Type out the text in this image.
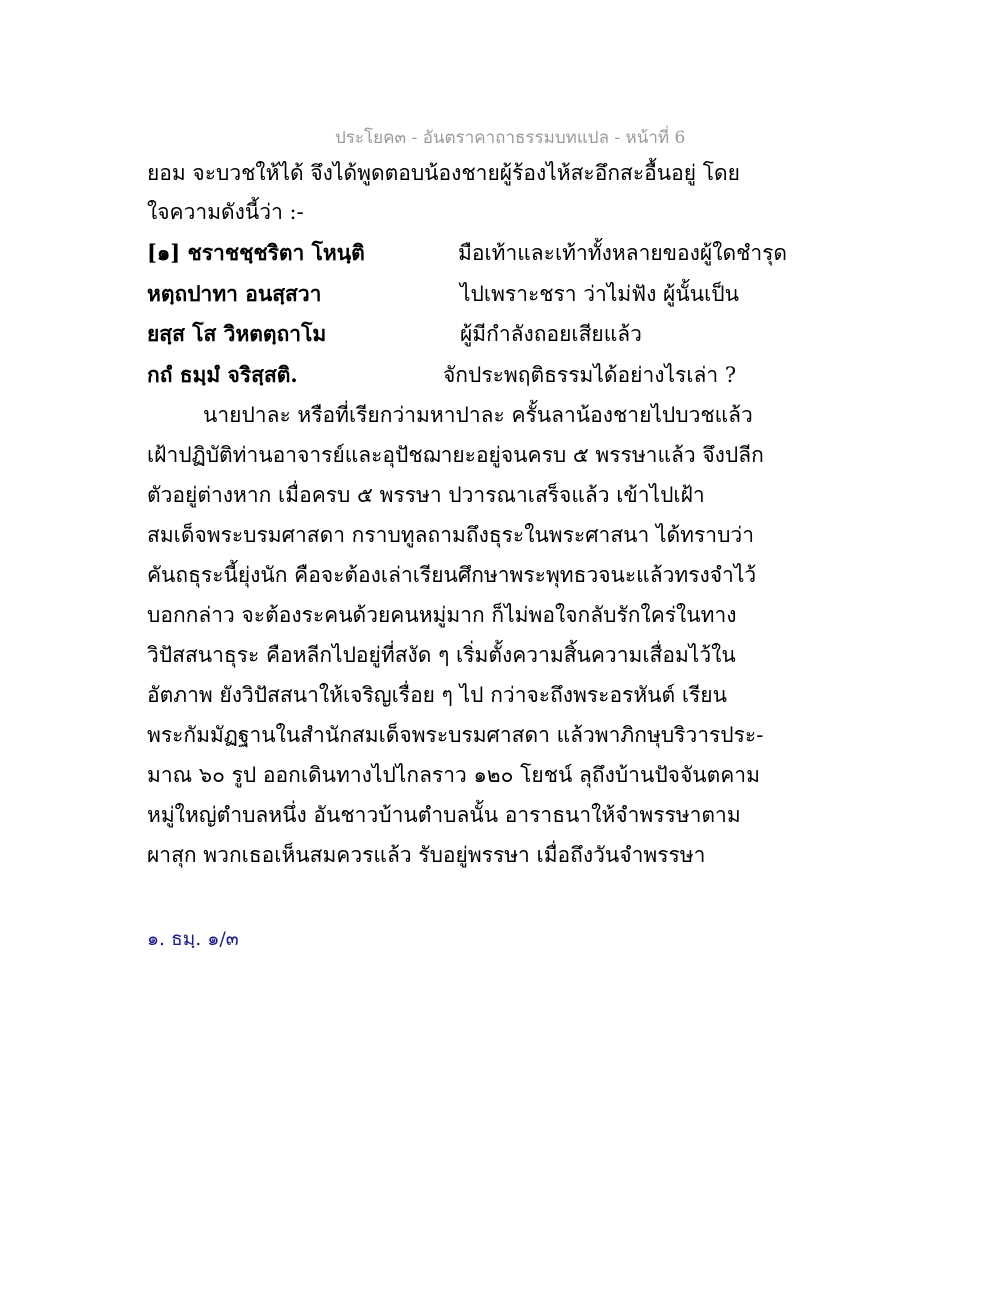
ประโยค๓ - อันตราคาถาธรรมบทแปล - หน้าที่ 6
ยอม จะบวชให้ได้ จึงได้พูดตอบน้องชายผู้ร้องไห้สะอึกสะอื้นอยู่ โดย
ใจความดังนี้ว่า :-
[๑] ชราชชฺชริตา โหนฺติ	มือเท้าและเท้าทั้งหลายของผู้ใดชำรุด
หตฺถปาทา อนสฺสวา	ไปเพราะชรา ว่าไม่ฟัง ผู้นั้นเป็น
ยสฺส โส วิหตตฺถาโม	ผู้มีกำลังถอยเสียแล้ว
กถํ ธมฺมํ จริสฺสติ.	จักประพฤติธรรมได้อย่างไรเล่า ?
นายปาละ หรือที่เรียกว่ามหาปาละ ครั้นลาน้องชายไปบวชแล้ว
เฝ้าปฏิบัติท่านอาจารย์และอุปัชฌายะอยู่จนครบ ๕ พรรษาแล้ว จึงปลีก
ตัวอยู่ต่างหาก เมื่อครบ ๕ พรรษา ปวารณาเสร็จแล้ว เข้าไปเฝ้า
สมเด็จพระบรมศาสดา กราบทูลถามถึงธุระในพระศาสนา ได้ทราบว่า
คันถธุระนี้ยุ่งนัก คือจะต้องเล่าเรียนศึกษาพระพุทธวจนะแล้วทรงจำไว้
บอกกล่าว จะต้องระคนด้วยคนหมู่มาก ก็ไม่พอใจกลับรักใคร่ในทาง
วิปัสสนาธุระ คือหลีกไปอยู่ที่สงัด ๆ เริ่มตั้งความสิ้นความเสื่อมไว้ใน
อัตภาพ ยังวิปัสสนาให้เจริญเรื่อย ๆ ไป กว่าจะถึงพระอรหันต์ เรียน
พระกัมมัฏฐานในสำนักสมเด็จพระบรมศาสดา แล้วพาภิกษุบริวารประ-
มาณ ๖๐ รูป ออกเดินทางไปไกลราว ๑๒๐ โยชน์ ลุถึงบ้านปัจจันตคาม
หมู่ใหญ่ตำบลหนึ่ง อันชาวบ้านตำบลนั้น อาราธนาให้จำพรรษาตาม
ผาสุก พวกเธอเห็นสมควรแล้ว รับอยู่พรรษา เมื่อถึงวันจำพรรษา
๑. ธมฺ. ๑/๓
